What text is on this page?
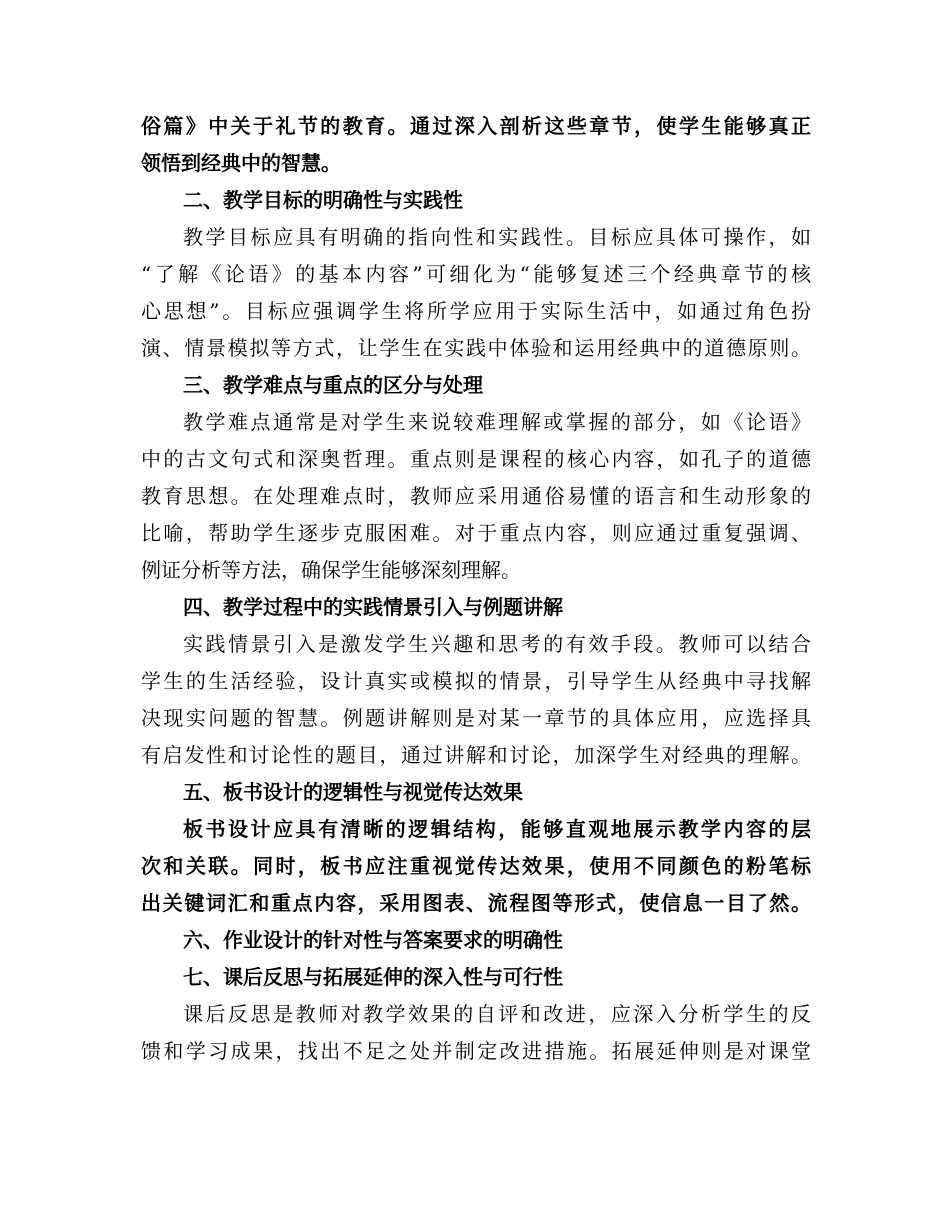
俗篇》中关于礼节的教育。通过深入剖析这些章节，使学生能够真正
领悟到经典中的智慧。
二、教学目标的明确性与实践性
教学目标应具有明确的指向性和实践性。目标应具体可操作，如
“了解《论语》的基本内容”可细化为“能够复述三个经典章节的核
心思想”。目标应强调学生将所学应用于实际生活中，如通过角色扮
演、情景模拟等方式，让学生在实践中体验和运用经典中的道德原则。
三、教学难点与重点的区分与处理
教学难点通常是对学生来说较难理解或掌握的部分，如《论语》
中的古文句式和深奥哲理。重点则是课程的核心内容，如孔子的道德
教育思想。在处理难点时，教师应采用通俗易懂的语言和生动形象的
比喻，帮助学生逐步克服困难。对于重点内容，则应通过重复强调、
例证分析等方法，确保学生能够深刻理解。
四、教学过程中的实践情景引入与例题讲解
实践情景引入是激发学生兴趣和思考的有效手段。教师可以结合
学生的生活经验，设计真实或模拟的情景，引导学生从经典中寻找解
决现实问题的智慧。例题讲解则是对某一章节的具体应用，应选择具
有启发性和讨论性的题目，通过讲解和讨论，加深学生对经典的理解。
五、板书设计的逻辑性与视觉传达效果
板书设计应具有清晰的逻辑结构，能够直观地展示教学内容的层
次和关联。同时，板书应注重视觉传达效果，使用不同颜色的粉笔标
出关键词汇和重点内容，采用图表、流程图等形式，使信息一目了然。
六、作业设计的针对性与答案要求的明确性
七、课后反思与拓展延伸的深入性与可行性
课后反思是教师对教学效果的自评和改进，应深入分析学生的反
馈和学习成果，找出不足之处并制定改进措施。拓展延伸则是对课堂
